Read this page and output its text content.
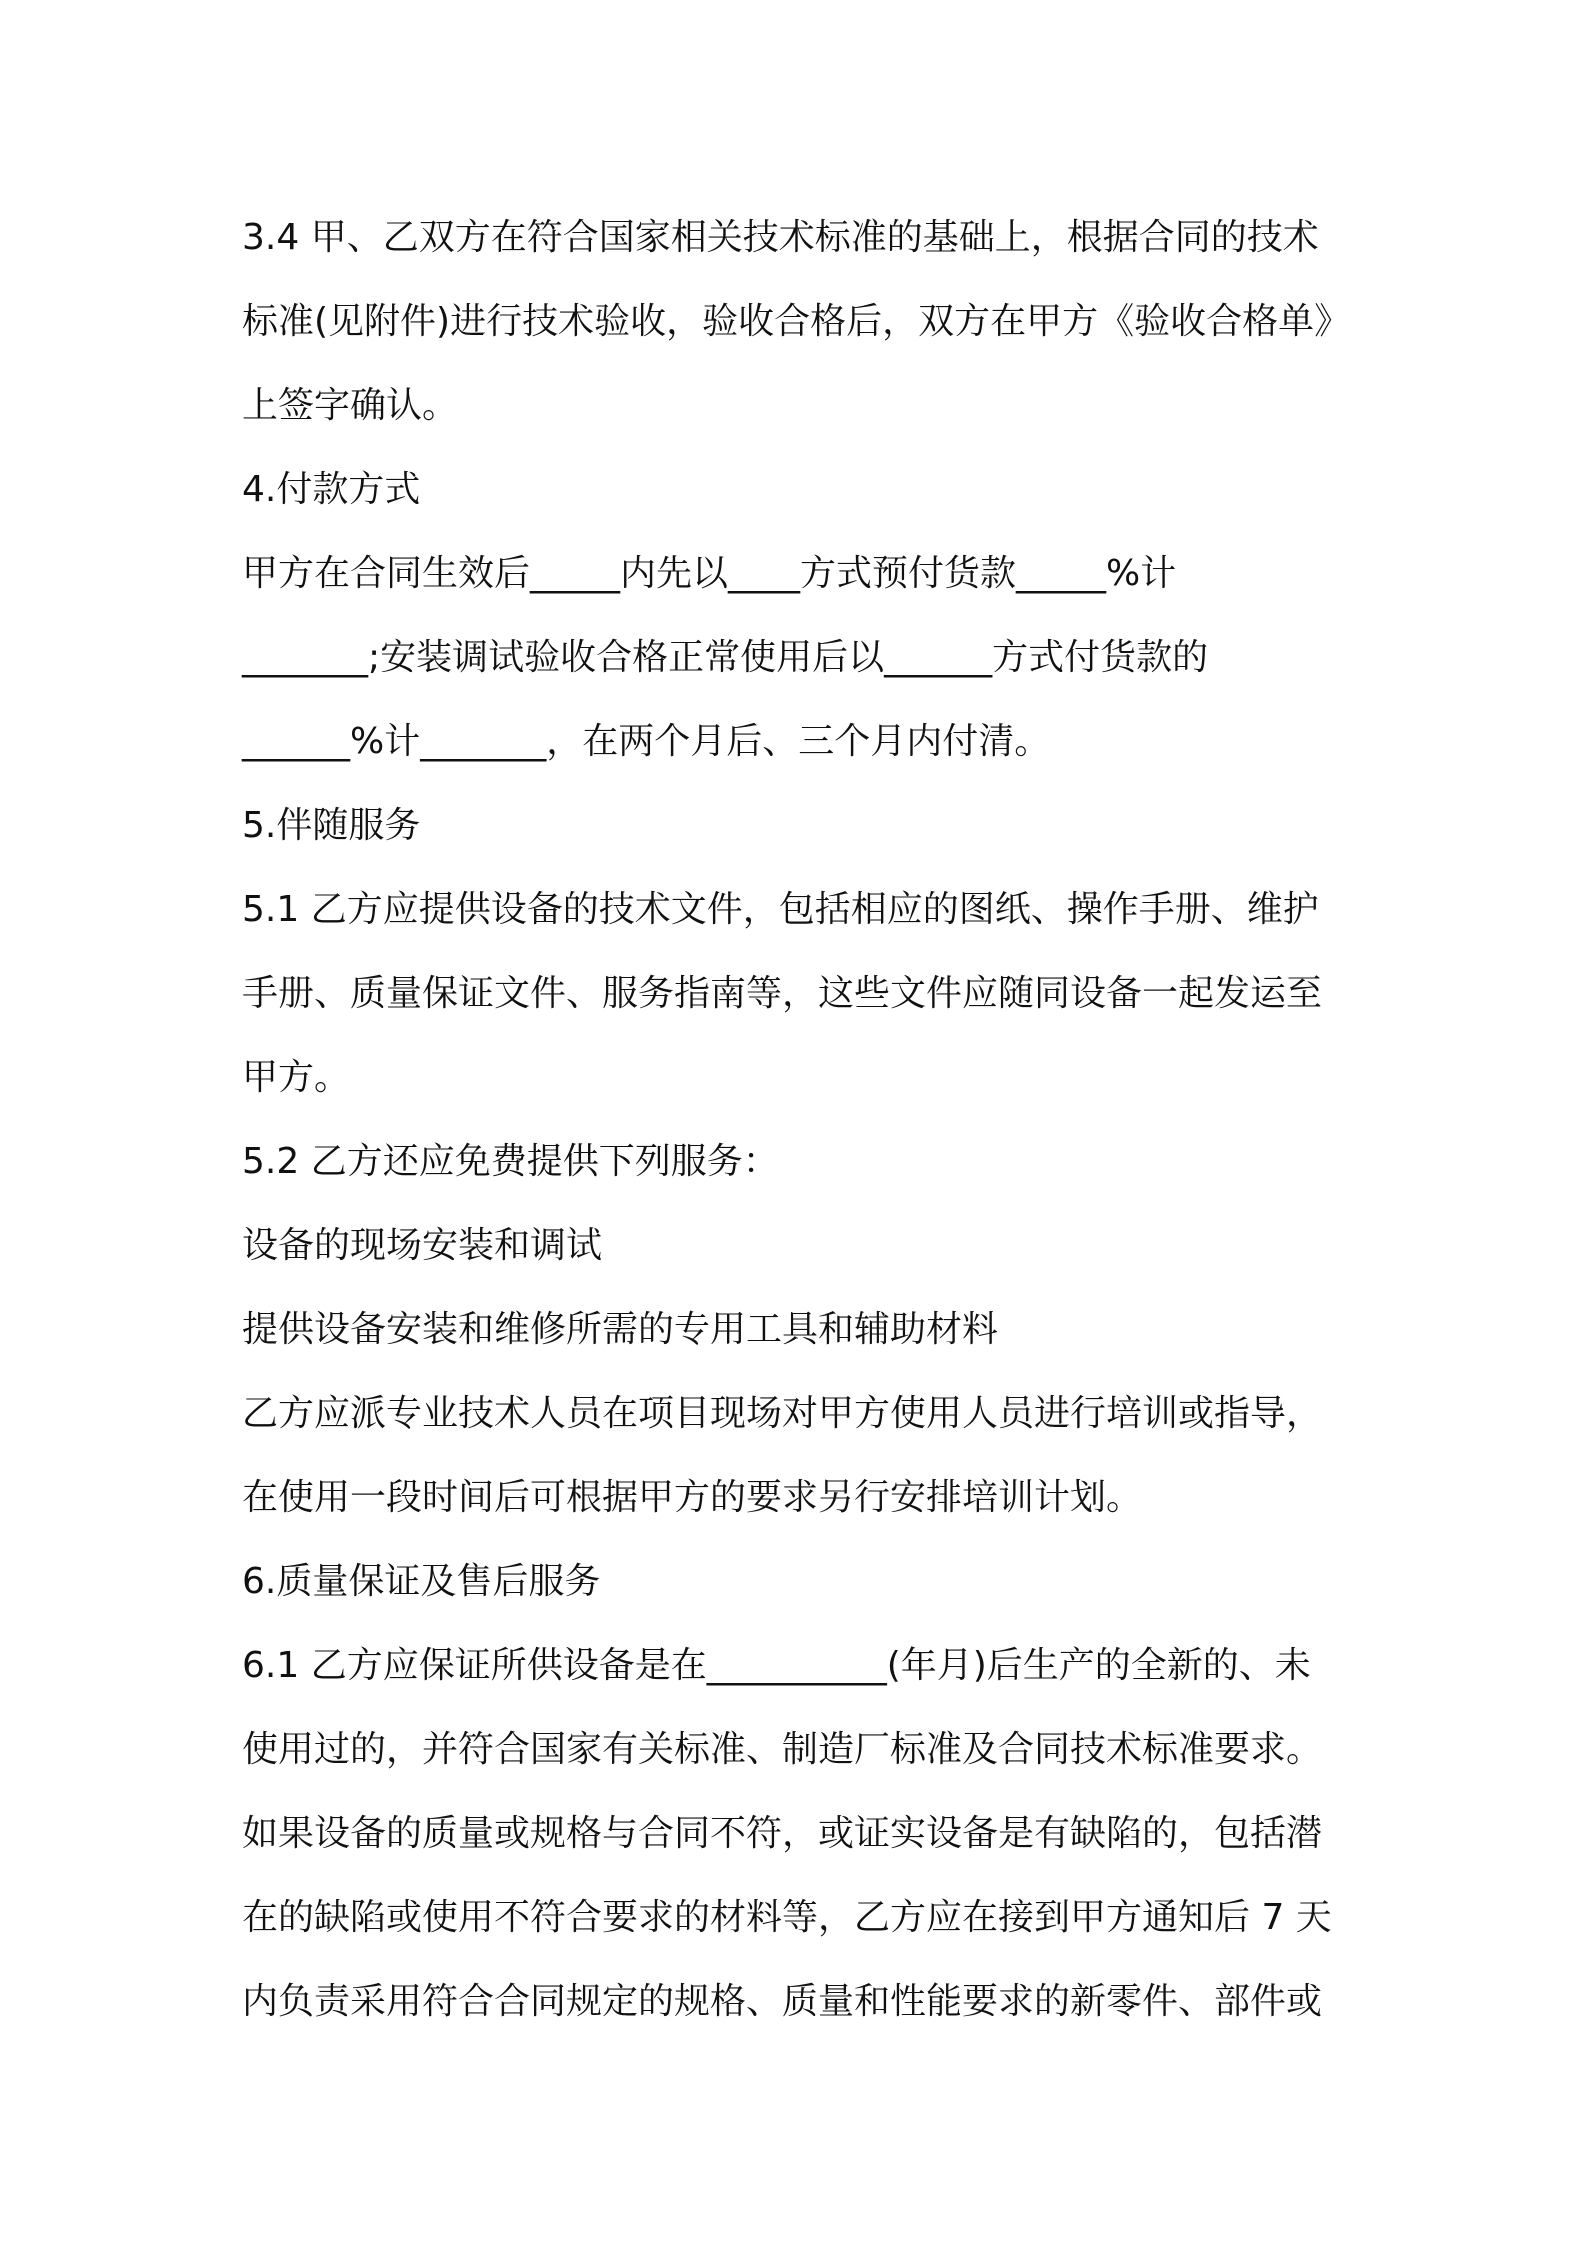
3.4 甲、乙双方在符合国家相关技术标准的基础上，根据合同的技术
标准(见附件)进行技术验收，验收合格后，双方在甲方《验收合格单》
上签字确认。
4.付款方式
甲方在合同生效后_____内先以____方式预付货款_____%计
_______;安装调试验收合格正常使用后以______方式付货款的
______%计_______，在两个月后、三个月内付清。
5.伴随服务
5.1 乙方应提供设备的技术文件，包括相应的图纸、操作手册、维护
手册、质量保证文件、服务指南等，这些文件应随同设备一起发运至
甲方。
5.2 乙方还应免费提供下列服务：
设备的现场安装和调试
提供设备安装和维修所需的专用工具和辅助材料
乙方应派专业技术人员在项目现场对甲方使用人员进行培训或指导，
在使用一段时间后可根据甲方的要求另行安排培训计划。
6.质量保证及售后服务
6.1 乙方应保证所供设备是在__________(年月)后生产的全新的、未
使用过的，并符合国家有关标准、制造厂标准及合同技术标准要求。
如果设备的质量或规格与合同不符，或证实设备是有缺陷的，包括潜
在的缺陷或使用不符合要求的材料等，乙方应在接到甲方通知后 7 天
内负责采用符合合同规定的规格、质量和性能要求的新零件、部件或
